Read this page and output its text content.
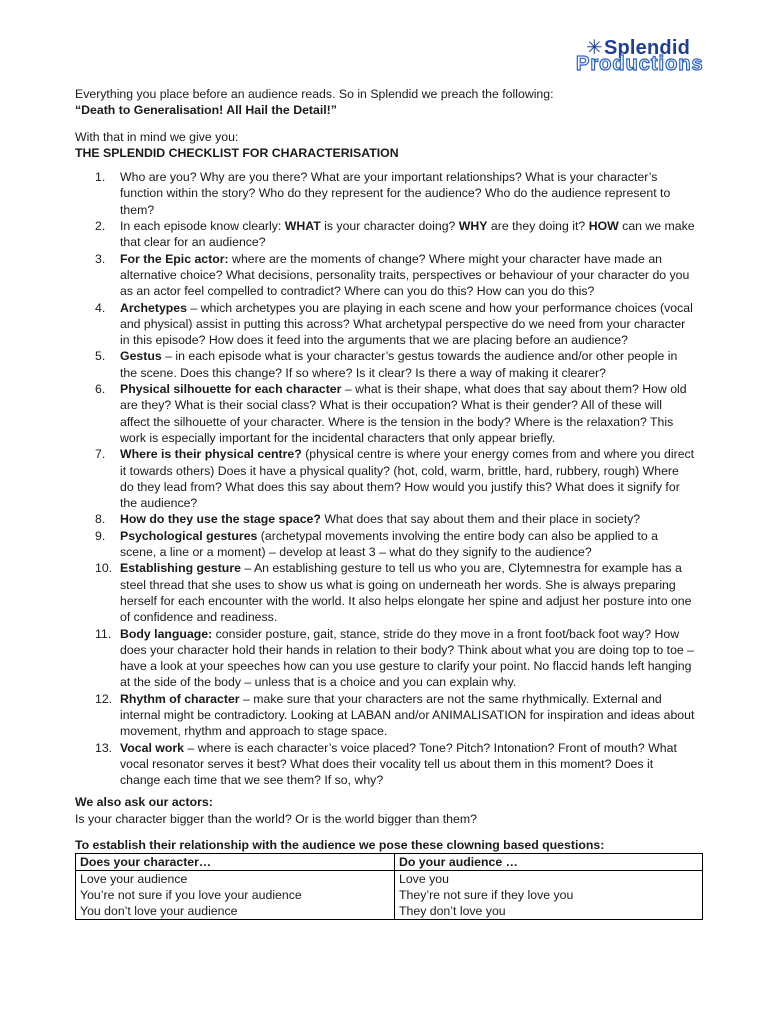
✳Splendid
Productions

Everything you place before an audience reads. So in Splendid we preach the following:

“Death to Generalisation! All Hail the Detail!”

With that in mind we give you:

THE SPLENDID CHECKLIST FOR CHARACTERISATION

1. Who are you? Why are you there? What are your important relationships? What is your character’s function within the story? Who do they represent for the audience? Who do the audience represent to them?
2. In each episode know clearly: WHAT is your character doing? WHY are they doing it? HOW can we make that clear for an audience?
3. For the Epic actor: where are the moments of change? Where might your character have made an alternative choice? What decisions, personality traits, perspectives or behaviour of your character do you as an actor feel compelled to contradict? Where can you do this? How can you do this?
4. Archetypes – which archetypes you are playing in each scene and how your performance choices (vocal and physical) assist in putting this across? What archetypal perspective do we need from your character in this episode? How does it feed into the arguments that we are placing before an audience?
5. Gestus – in each episode what is your character’s gestus towards the audience and/or other people in the scene. Does this change? If so where? Is it clear? Is there a way of making it clearer?
6. Physical silhouette for each character – what is their shape, what does that say about them? How old are they? What is their social class? What is their occupation? What is their gender? All of these will affect the silhouette of your character. Where is the tension in the body? Where is the relaxation? This work is especially important for the incidental characters that only appear briefly.
7. Where is their physical centre? (physical centre is where your energy comes from and where you direct it towards others) Does it have a physical quality? (hot, cold, warm, brittle, hard, rubbery, rough) Where do they lead from? What does this say about them? How would you justify this? What does it signify for the audience?
8. How do they use the stage space? What does that say about them and their place in society?
9. Psychological gestures (archetypal movements involving the entire body can also be applied to a scene, a line or a moment) – develop at least 3 – what do they signify to the audience?
10. Establishing gesture – An establishing gesture to tell us who you are, Clytemnestra for example has a steel thread that she uses to show us what is going on underneath her words. She is always preparing herself for each encounter with the world. It also helps elongate her spine and adjust her posture into one of confidence and readiness.
11. Body language: consider posture, gait, stance, stride do they move in a front foot/back foot way? How does your character hold their hands in relation to their body? Think about what you are doing top to toe – have a look at your speeches how can you use gesture to clarify your point. No flaccid hands left hanging at the side of the body – unless that is a choice and you can explain why.
12. Rhythm of character – make sure that your characters are not the same rhythmically. External and internal might be contradictory. Looking at LABAN and/or ANIMALISATION for inspiration and ideas about movement, rhythm and approach to stage space.
13. Vocal work – where is each character’s voice placed? Tone? Pitch? Intonation? Front of mouth? What vocal resonator serves it best? What does their vocality tell us about them in this moment? Does it change each time that we see them? If so, why?

We also ask our actors:

Is your character bigger than the world? Or is the world bigger than them?

To establish their relationship with the audience we pose these clowning based questions:

Does your character…	Do your audience …
Love your audience	Love you
You’re not sure if you love your audience	They’re not sure if they love you
You don’t love your audience	They don’t love you
